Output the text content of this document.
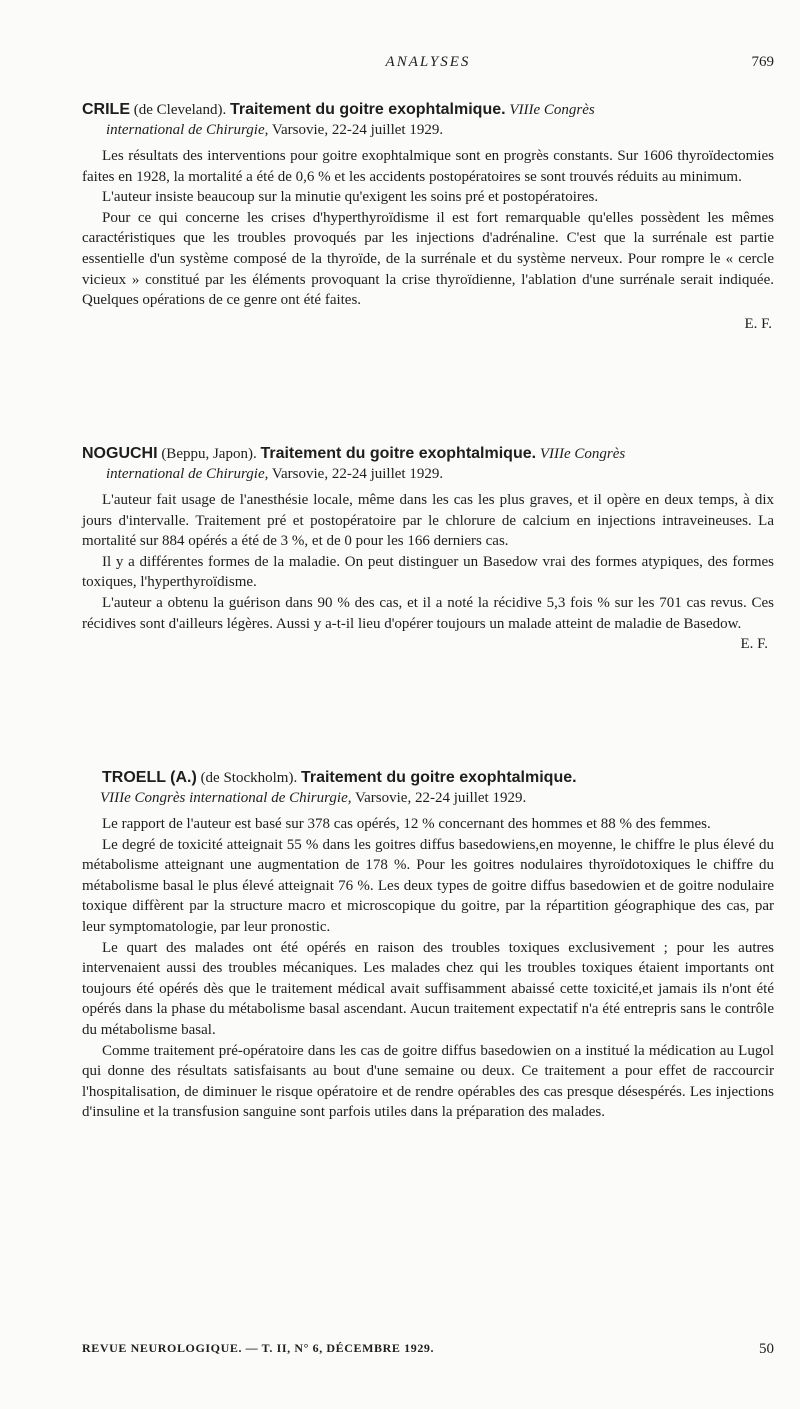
ANALYSES	769

CRILE (de Cleveland). Traitement du goitre exophtalmique. VIIIe Congrès
international de Chirurgie, Varsovie, 22-24 juillet 1929.

Les résultats des interventions pour goitre exophtalmique sont en progrès constants. Sur 1606 thyroïdectomies faites en 1928, la mortalité a été de 0,6 % et les accidents postopératoires se sont trouvés réduits au minimum.

L'auteur insiste beaucoup sur la minutie qu'exigent les soins pré et postopératoires.

Pour ce qui concerne les crises d'hyperthyroïdisme il est fort remarquable qu'elles possèdent les mêmes caractéristiques que les troubles provoqués par les injections d'adrénaline. C'est que la surrénale est partie essentielle d'un système composé de la thyroïde, de la surrénale et du système nerveux. Pour rompre le « cercle vicieux » constitué par les éléments provoquant la crise thyroïdienne, l'ablation d'une surrénale serait indiquée. Quelques opérations de ce genre ont été faites.

E. F.

NOGUCHI (Beppu, Japon). Traitement du goitre exophtalmique. VIIIe Congrès
international de Chirurgie, Varsovie, 22-24 juillet 1929.

L'auteur fait usage de l'anesthésie locale, même dans les cas les plus graves, et il opère en deux temps, à dix jours d'intervalle. Traitement pré et postopératoire par le chlorure de calcium en injections intraveineuses. La mortalité sur 884 opérés a été de 3 %, et de 0 pour les 166 derniers cas.

Il y a différentes formes de la maladie. On peut distinguer un Basedow vrai des formes atypiques, des formes toxiques, l'hyperthyroïdisme.

L'auteur a obtenu la guérison dans 90 % des cas, et il a noté la récidive 5,3 fois % sur les 701 cas revus. Ces récidives sont d'ailleurs légères. Aussi y a-t-il lieu d'opérer toujours un malade atteint de maladie de Basedow.
E. F.

TROELL (A.) (de Stockholm). Traitement du goitre exophtalmique.
VIIIe Congrès international de Chirurgie, Varsovie, 22-24 juillet 1929.

Le rapport de l'auteur est basé sur 378 cas opérés, 12 % concernant des hommes et 88 % des femmes.

Le degré de toxicité atteignait 55 % dans les goitres diffus basedowiens,en moyenne, le chiffre le plus élevé du métabolisme atteignant une augmentation de 178 %. Pour les goitres nodulaires thyroïdotoxiques le chiffre du métabolisme basal le plus élevé atteignait 76 %. Les deux types de goitre diffus basedowien et de goitre nodulaire toxique diffèrent par la structure macro et microscopique du goitre, par la répartition géographique des cas, par leur symptomatologie, par leur pronostic.

Le quart des malades ont été opérés en raison des troubles toxiques exclusivement ; pour les autres intervenaient aussi des troubles mécaniques. Les malades chez qui les troubles toxiques étaient importants ont toujours été opérés dès que le traitement médical avait suffisamment abaissé cette toxicité,et jamais ils n'ont été opérés dans la phase du métabolisme basal ascendant. Aucun traitement expectatif n'a été entrepris sans le contrôle du métabolisme basal.

Comme traitement pré-opératoire dans les cas de goitre diffus basedowien on a institué la médication au Lugol qui donne des résultats satisfaisants au bout d'une semaine ou deux. Ce traitement a pour effet de raccourcir l'hospitalisation, de diminuer le risque opératoire et de rendre opérables des cas presque désespérés. Les injections d'insuline et la transfusion sanguine sont parfois utiles dans la préparation des malades.

REVUE NEUROLOGIQUE. — T. II, N° 6, DÉCEMBRE 1929.	50
